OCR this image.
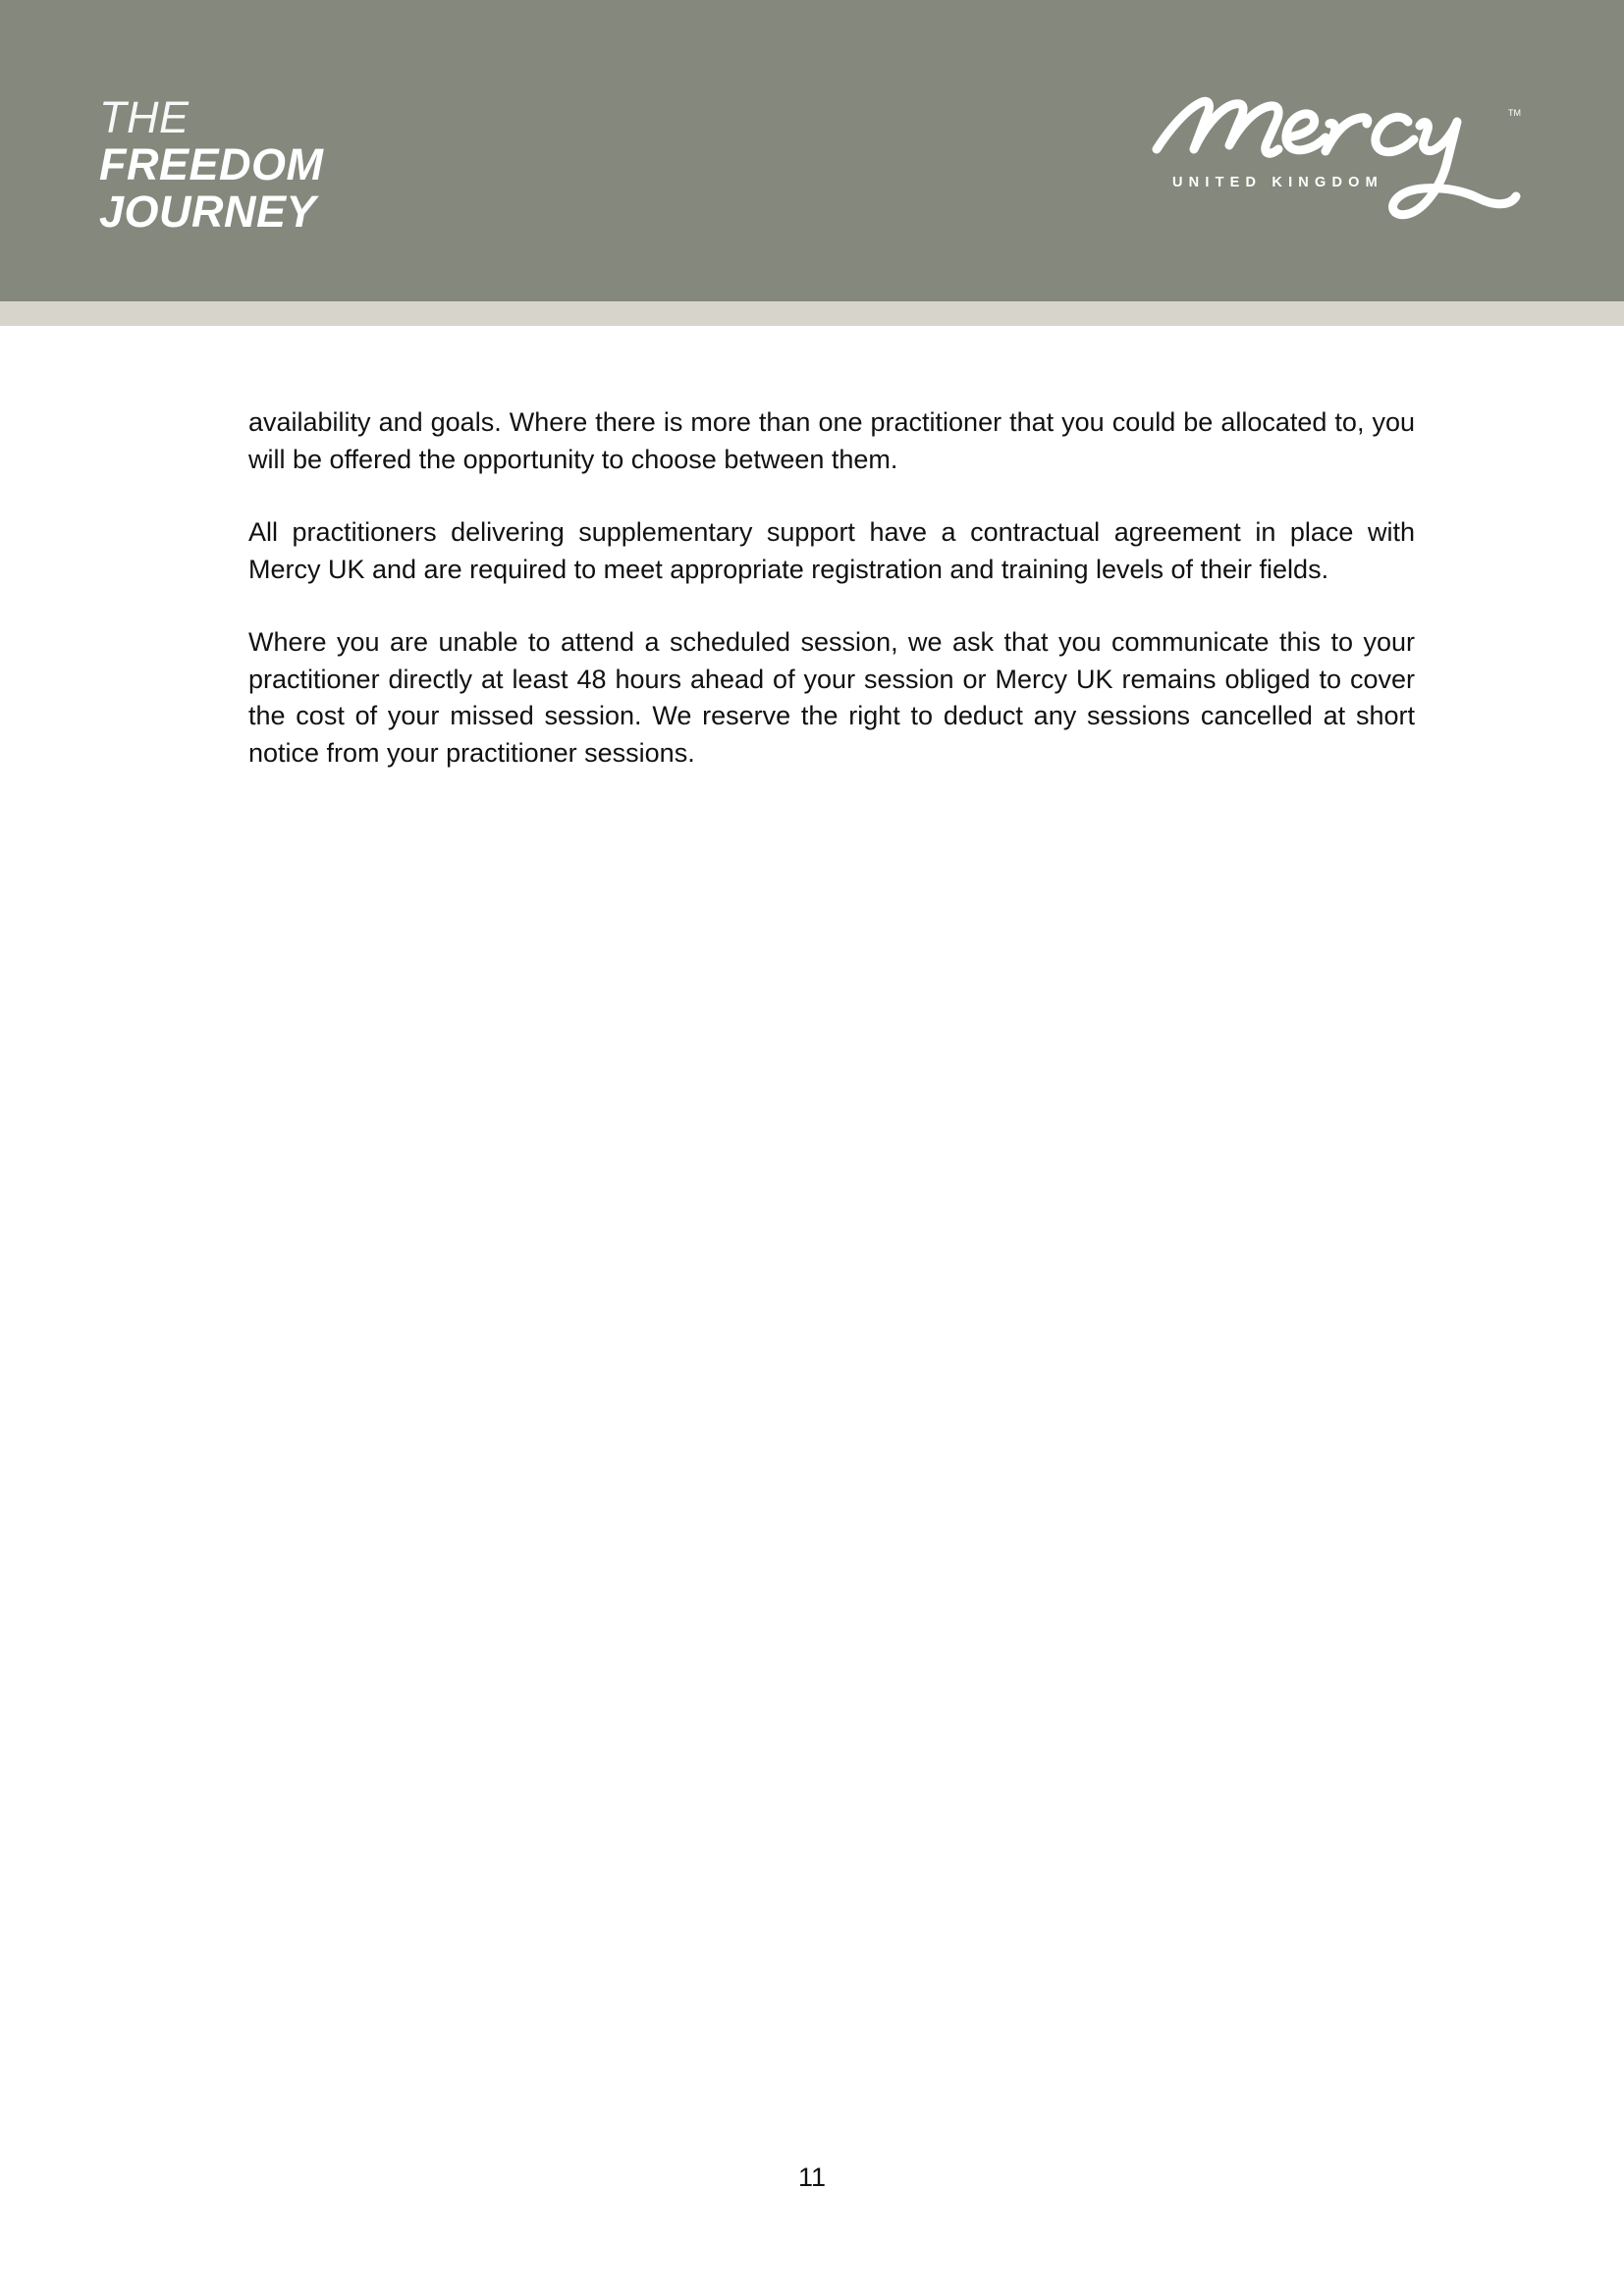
THE
FREEDOM
JOURNEY
TM
UNITED KINGDOM

availability and goals. Where there is more than one practitioner that you could be allocated to, you will be offered the opportunity to choose between them.

All practitioners delivering supplementary support have a contractual agreement in place with Mercy UK and are required to meet appropriate registration and training levels of their fields.

Where you are unable to attend a scheduled session, we ask that you communicate this to your practitioner directly at least 48 hours ahead of your session or Mercy UK remains obliged to cover the cost of your missed session. We reserve the right to deduct any sessions cancelled at short notice from your practitioner sessions.

11
